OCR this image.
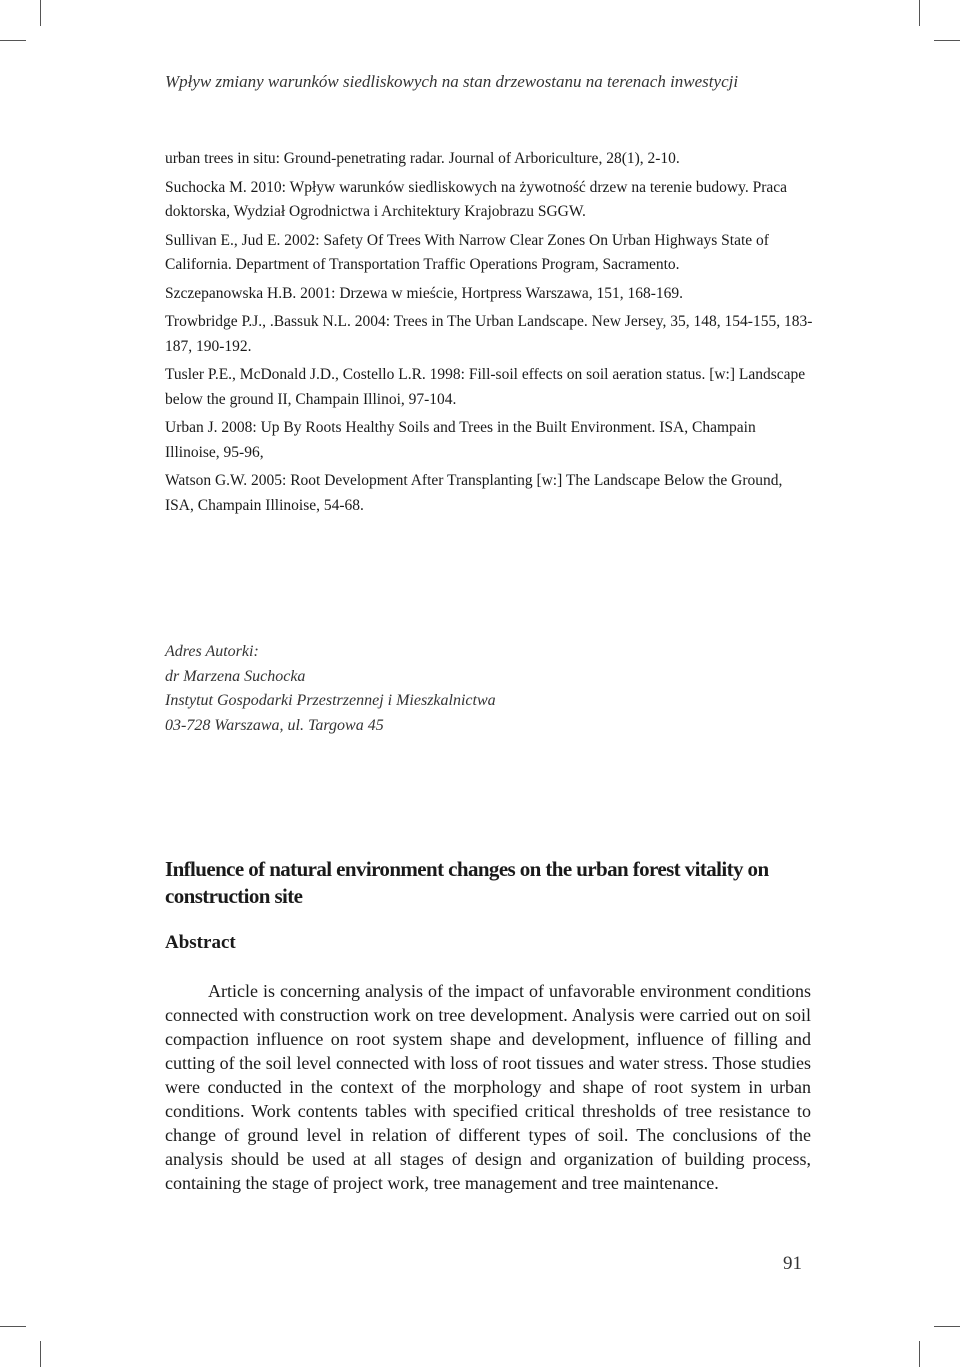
Wpływ zmiany warunków siedliskowych na stan drzewostanu na terenach inwestycji

urban trees in situ: Ground-penetrating radar. Journal of Arboriculture, 28(1), 2-10.

Suchocka M. 2010: Wpływ warunków siedliskowych na żywotność drzew na terenie budowy. Praca doktorska, Wydział Ogrodnictwa i Architektury Krajobrazu SGGW.

Sullivan E., Jud E. 2002: Safety Of Trees With Narrow Clear Zones On Urban Highways State of California. Department of Transportation Traffic Operations Program, Sacramento.

Szczepanowska H.B. 2001: Drzewa w mieście, Hortpress Warszawa, 151, 168-169.

Trowbridge P.J., .Bassuk N.L. 2004: Trees in The Urban Landscape. New Jersey, 35, 148, 154-155, 183-187, 190-192.

Tusler P.E., McDonald J.D., Costello L.R. 1998: Fill-soil effects on soil aeration status. [w:] Landscape below the ground II, Champain Illinoi, 97-104.

Urban J. 2008: Up By Roots Healthy Soils and Trees in the Built Environment. ISA, Champain Illinoise, 95-96,

Watson G.W. 2005: Root Development After Transplanting [w:] The Landscape Below the Ground, ISA, Champain Illinoise, 54-68.

Adres Autorki:
dr Marzena Suchocka
Instytut Gospodarki Przestrzennej i Mieszkalnictwa
03-728 Warszawa, ul. Targowa 45
Influence of natural environment changes on the urban forest vitality on construction site
Abstract
Article is concerning analysis of the impact of unfavorable environment conditions connected with construction work on tree development. Analysis were carried out on soil compaction influence on root system shape and development, influence of filling and cutting of the soil level connected with loss of root tissues and water stress. Those studies were conducted in the context of the morphology and shape of root system in urban conditions. Work contents tables with specified critical thresholds of tree resistance to change of ground level in relation of different types of soil. The conclusions of the analysis should be used at all stages of design and organization of building process, containing the stage of project work, tree management and tree maintenance.
91
